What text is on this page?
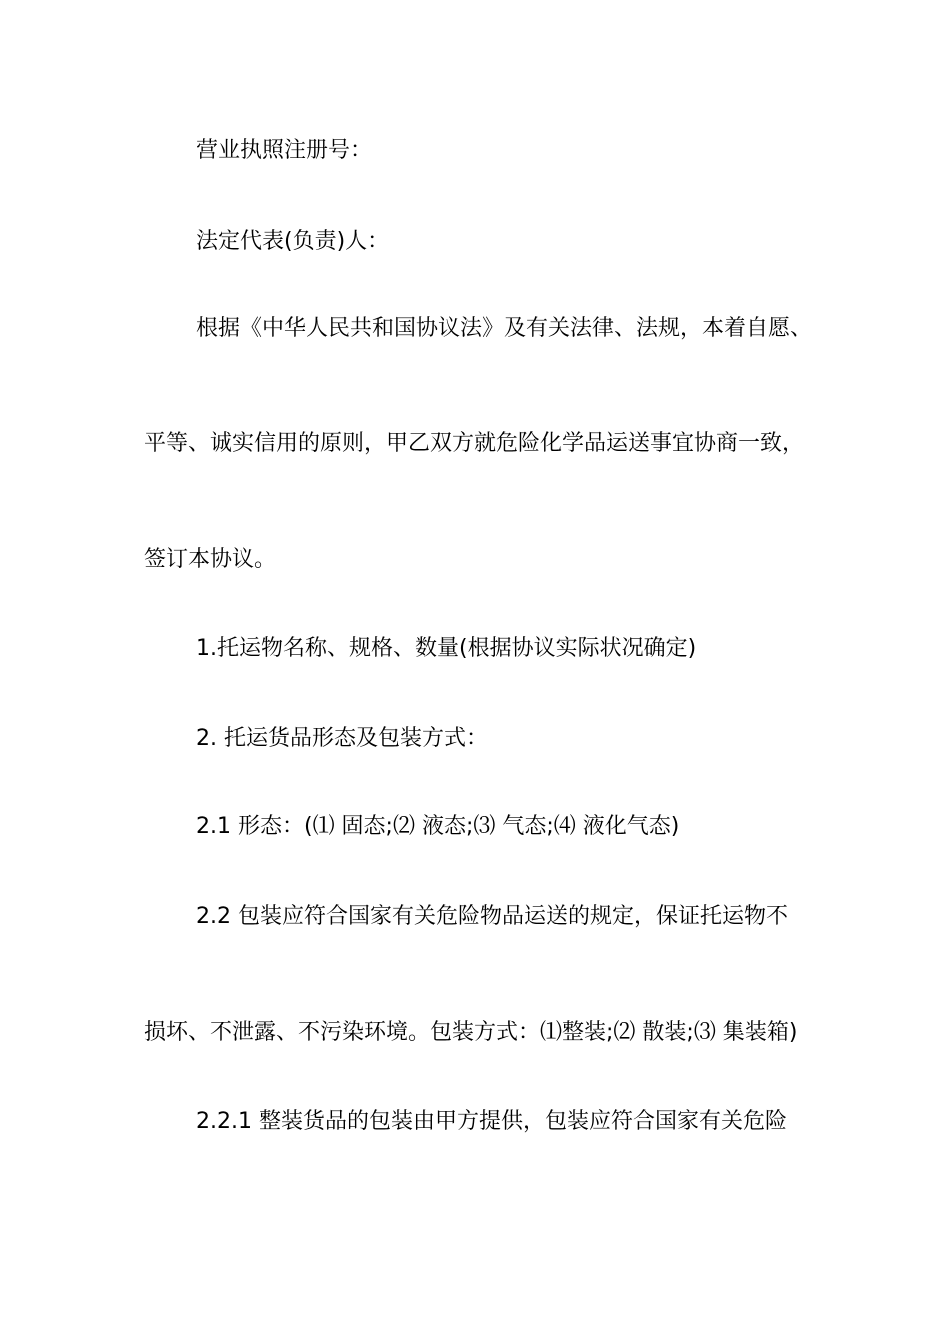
营业执照注册号：
法定代表(负责)人：
根据《中华人民共和国协议法》及有关法律、法规，本着自愿、
平等、诚实信用的原则，甲乙双方就危险化学品运送事宜协商一致，
签订本协议。
1.托运物名称、规格、数量(根据协议实际状况确定)
2. 托运货品形态及包装方式：
2.1 形态：(⑴ 固态;⑵ 液态;⑶ 气态;⑷ 液化气态)
2.2 包装应符合国家有关危险物品运送的规定，保证托运物不
损坏、不泄露、不污染环境。包装方式：⑴整装;⑵ 散装;⑶ 集装箱)
2.2.1 整装货品的包装由甲方提供，包装应符合国家有关危险
